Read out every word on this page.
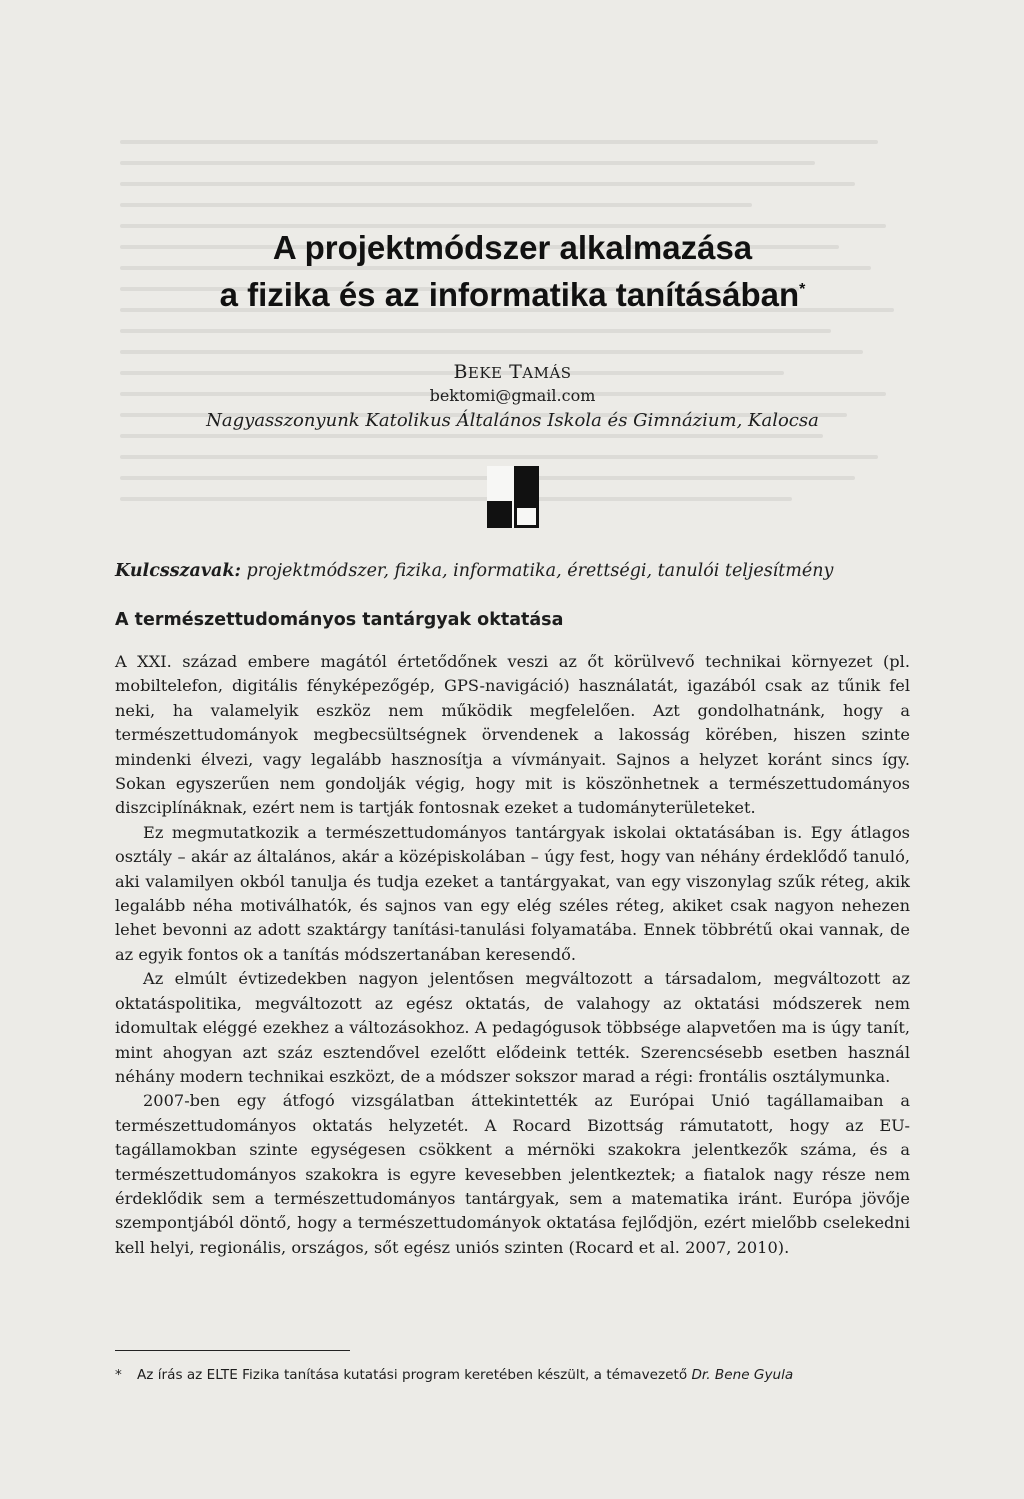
A projektmódszer alkalmazása
a fizika és az informatika tanításában*
BEKE TAMÁS
bektomi@gmail.com
Nagyasszonyunk Katolikus Általános Iskola és Gimnázium, Kalocsa
Kulcsszavak: projektmódszer, fizika, informatika, érettségi, tanulói teljesítmény
A természettudományos tantárgyak oktatása

A XXI. század embere magától értetődőnek veszi az őt körülvevő technikai környezet (pl. mobiltelefon, digitális fényképezőgép, GPS-navigáció) használatát, igazából csak az tűnik fel neki, ha valamelyik eszköz nem működik megfelelően. Azt gondolhatnánk, hogy a természettudományok megbecsültségnek örvendenek a lakosság körében, hiszen szinte mindenki élvezi, vagy legalább hasznosítja a vívmányait. Sajnos a helyzet koránt sincs így. Sokan egyszerűen nem gondolják végig, hogy mit is köszönhetnek a természettudományos diszciplínáknak, ezért nem is tartják fontosnak ezeket a tudományterületeket.

Ez megmutatkozik a természettudományos tantárgyak iskolai oktatásában is. Egy átlagos osztály – akár az általános, akár a középiskolában – úgy fest, hogy van néhány érdeklődő tanuló, aki valamilyen okból tanulja és tudja ezeket a tantárgyakat, van egy viszonylag szűk réteg, akik legalább néha motiválhatók, és sajnos van egy elég széles réteg, akiket csak nagyon nehezen lehet bevonni az adott szaktárgy tanítási-tanulási folyamatába. Ennek többrétű okai vannak, de az egyik fontos ok a tanítás módszertanában keresendő.

Az elmúlt évtizedekben nagyon jelentősen megváltozott a társadalom, megváltozott az oktatáspolitika, megváltozott az egész oktatás, de valahogy az oktatási módszerek nem idomultak eléggé ezekhez a változásokhoz. A pedagógusok többsége alapvetően ma is úgy tanít, mint ahogyan azt száz esztendővel ezelőtt elődeink tették. Szerencsésebb esetben használ néhány modern technikai eszközt, de a módszer sokszor marad a régi: frontális osztálymunka.

2007-ben egy átfogó vizsgálatban áttekintették az Európai Unió tagállamaiban a természettudományos oktatás helyzetét. A Rocard Bizottság rámutatott, hogy az EU-tagállamokban szinte egységesen csökkent a mérnöki szakokra jelentkezők száma, és a természettudományos szakokra is egyre kevesebben jelentkeztek; a fiatalok nagy része nem érdeklődik sem a természettudományos tantárgyak, sem a matematika iránt. Európa jövője szempontjából döntő, hogy a természettudományok oktatása fejlődjön, ezért mielőbb cselekedni kell helyi, regionális, országos, sőt egész uniós szinten (Rocard et al. 2007, 2010).

* Az írás az ELTE Fizika tanítása kutatási program keretében készült, a témavezető Dr. Bene Gyula
